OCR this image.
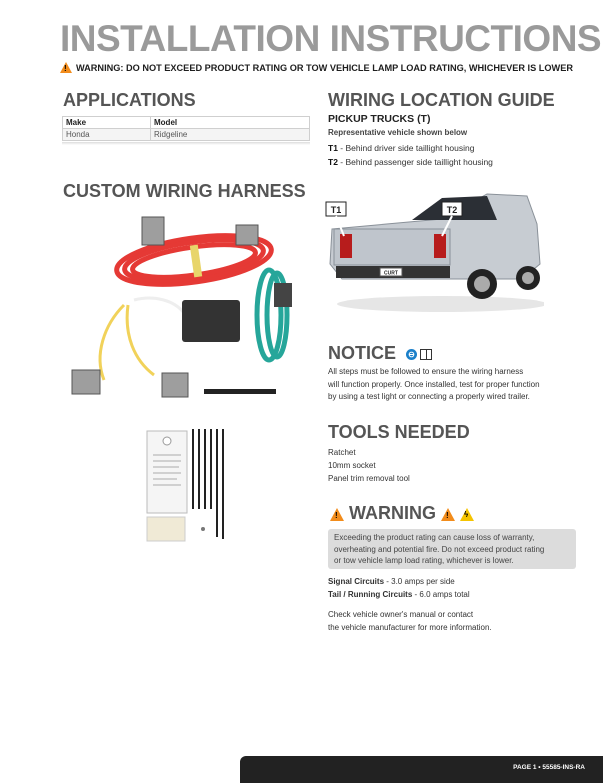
INSTALLATION INSTRUCTIONS
! WARNING: DO NOT EXCEED PRODUCT RATING OR TOW VEHICLE LAMP LOAD RATING, WHICHEVER IS LOWER
APPLICATIONS
Make	Model
Honda	Ridgeline
CUSTOM WIRING HARNESS
WIRING LOCATION GUIDE
PICKUP TRUCKS (T)
Representative vehicle shown below
T1 - Behind driver side taillight housing
T2 - Behind passenger side taillight housing
CURT
T1	T2
NOTICE ⊖
All steps must be followed to ensure the wiring harness
will function properly. Once installed, test for proper function
by using a test light or connecting a properly wired trailer.
TOOLS NEEDED
Ratchet
10mm socket
Panel trim removal tool
! WARNING !
ϟ
Exceeding the product rating can cause loss of warranty,
overheating and potential fire. Do not exceed product rating
or tow vehicle lamp load rating, whichever is lower.
Signal Circuits - 3.0 amps per side
Tail / Running Circuits - 6.0 amps total
Check vehicle owner's manual or contact
the vehicle manufacturer for more information.
PAGE 1 • 55585-INS-RA
